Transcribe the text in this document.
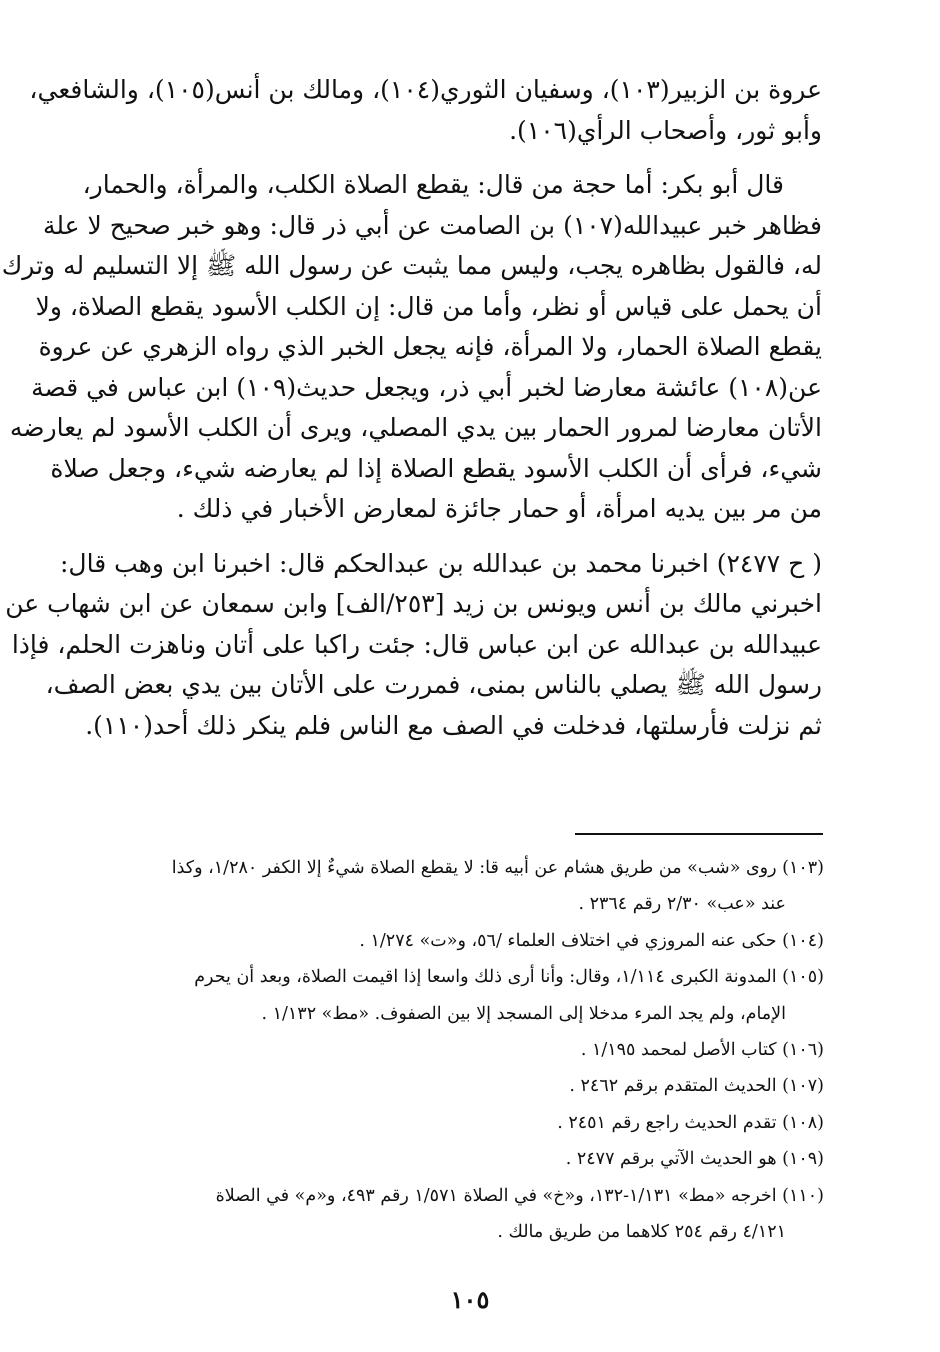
عروة بن الزبير(١٠٣)، وسفيان الثوري(١٠٤)، ومالك بن أنس(١٠٥)، والشافعي،
وأبو ثور، وأصحاب الرأي(١٠٦).

قال أبو بكر: أما حجة من قال: يقطع الصلاة الكلب، والمرأة، والحمار،
فظاهر خبر عبيدالله(١٠٧) بن الصامت عن أبي ذر قال: وهو خبر صحيح لا علة
له، فالقول بظاهره يجب، وليس مما يثبت عن رسول الله ﷺ إلا التسليم له وترك
أن يحمل على قياس أو نظر، وأما من قال: إن الكلب الأسود يقطع الصلاة، ولا
يقطع الصلاة الحمار، ولا المرأة، فإنه يجعل الخبر الذي رواه الزهري عن عروة
عن(١٠٨) عائشة معارضا لخبر أبي ذر، ويجعل حديث(١٠٩) ابن عباس في قصة
الأتان معارضا لمرور الحمار بين يدي المصلي، ويرى أن الكلب الأسود لم يعارضه
شيء، فرأى أن الكلب الأسود يقطع الصلاة إذا لم يعارضه شيء، وجعل صلاة
من مر بين يديه امرأة، أو حمار جائزة لمعارض الأخبار في ذلك .

( ح ٢٤٧٧) اخبرنا محمد بن عبدالله بن عبدالحكم قال: اخبرنا ابن وهب قال:
اخبرني مالك بن أنس ويونس بن زيد [٢٥٣/الف] وابن سمعان عن ابن شهاب عن
عبيدالله بن عبدالله عن ابن عباس قال: جئت راكبا على أتان وناهزت الحلم، فإذا
رسول الله ﷺ يصلي بالناس بمنى، فمررت على الأتان بين يدي بعض الصف،
ثم نزلت فأرسلتها، فدخلت في الصف مع الناس فلم ينكر ذلك أحد(١١٠).

(١٠٣) روى «شب» من طريق هشام عن أبيه قا: لا يقطع الصلاة شيءٌ إلا الكفر ١/٢٨٠، وكذا
عند «عب» ٢/٣٠ رقم ٢٣٦٤ .
(١٠٤) حكى عنه المروزي في اختلاف العلماء /٥٦، و«ت» ١/٢٧٤ .
(١٠٥) المدونة الكبرى ١/١١٤، وقال: وأنا أرى ذلك واسعا إذا اقيمت الصلاة، وبعد أن يحرم
الإمام، ولم يجد المرء مدخلا إلى المسجد إلا بين الصفوف. «مط» ١/١٣٢ .
(١٠٦) كتاب الأصل لمحمد ١/١٩٥ .
(١٠٧) الحديث المتقدم برقم ٢٤٦٢ .
(١٠٨) تقدم الحديث راجع رقم ٢٤٥١ .
(١٠٩) هو الحديث الآتي برقم ٢٤٧٧ .
(١١٠) اخرجه «مط» ١/١٣١-١٣٢، و«خ» في الصلاة ١/٥٧١ رقم ٤٩٣، و«م» في الصلاة
٤/١٢١ رقم ٢٥٤ كلاهما من طريق مالك .
١٠٥
